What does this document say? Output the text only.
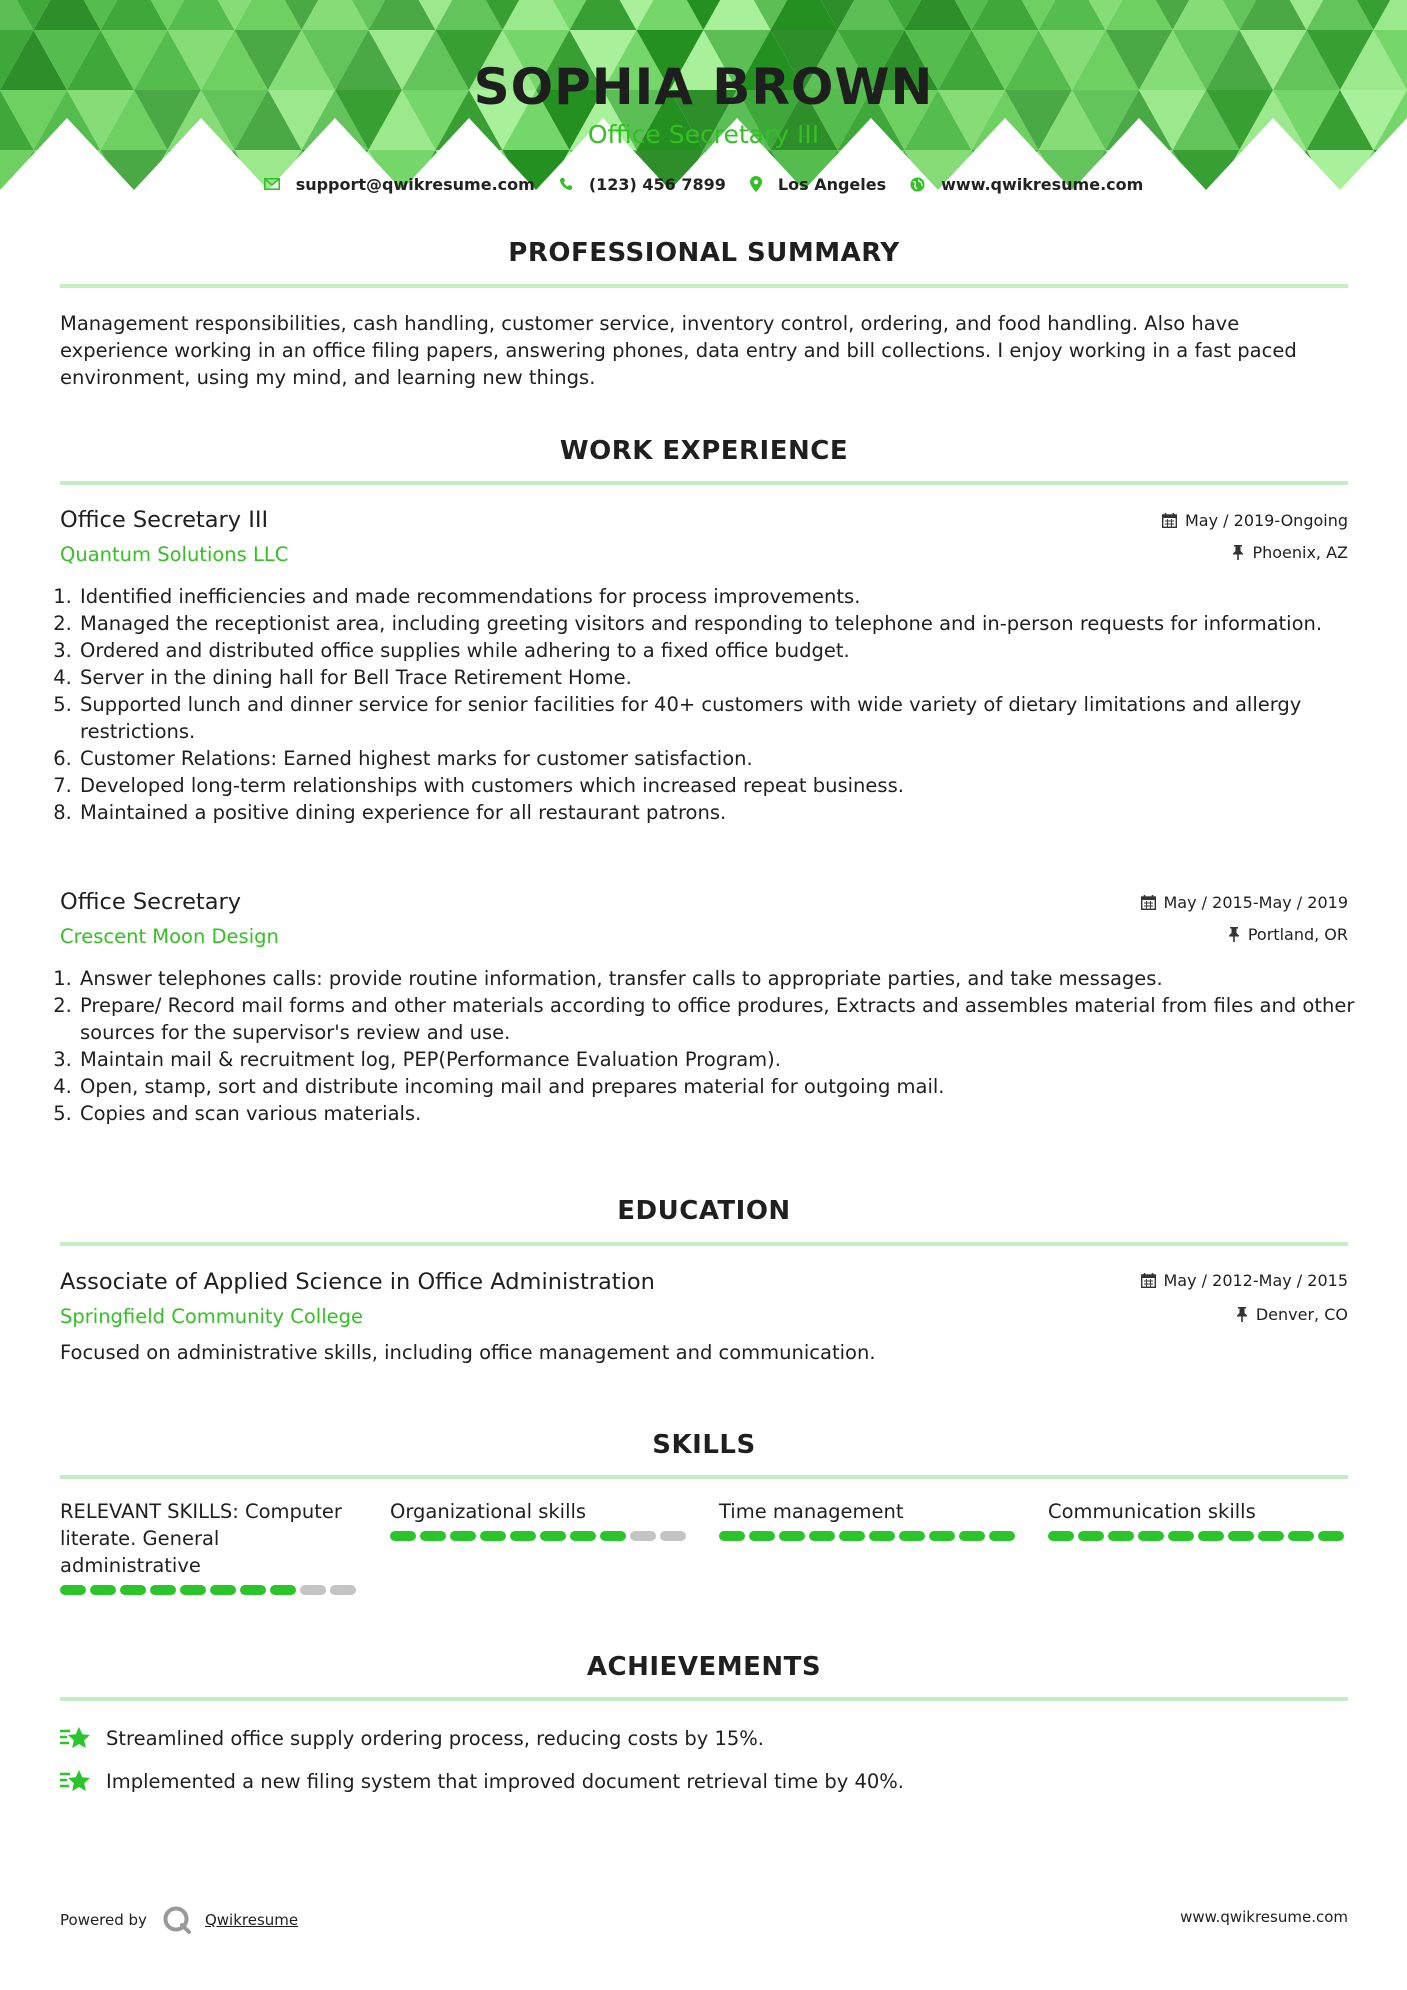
SOPHIA BROWN
Office Secretary III
support@qwikresume.com	(123) 456 7899	Los Angeles	www.qwikresume.com
PROFESSIONAL SUMMARY
Management responsibilities, cash handling, customer service, inventory control, ordering, and food handling. Also have experience working in an office filing papers, answering phones, data entry and bill collections. I enjoy working in a fast paced environment, using my mind, and learning new things.
WORK EXPERIENCE
Office Secretary III
Quantum Solutions LLC
May / 2019-Ongoing
Phoenix, AZ
1. Identified inefficiencies and made recommendations for process improvements.
2. Managed the receptionist area, including greeting visitors and responding to telephone and in-person requests for information.
3. Ordered and distributed office supplies while adhering to a fixed office budget.
4. Server in the dining hall for Bell Trace Retirement Home.
5. Supported lunch and dinner service for senior facilities for 40+ customers with wide variety of dietary limitations and allergy restrictions.
6. Customer Relations: Earned highest marks for customer satisfaction.
7. Developed long-term relationships with customers which increased repeat business.
8. Maintained a positive dining experience for all restaurant patrons.
Office Secretary
Crescent Moon Design
May / 2015-May / 2019
Portland, OR
1. Answer telephones calls: provide routine information, transfer calls to appropriate parties, and take messages.
2. Prepare/ Record mail forms and other materials according to office produres, Extracts and assembles material from files and other sources for the supervisor's review and use.
3. Maintain mail & recruitment log, PEP(Performance Evaluation Program).
4. Open, stamp, sort and distribute incoming mail and prepares material for outgoing mail.
5. Copies and scan various materials.
EDUCATION
Associate of Applied Science in Office Administration
Springfield Community College
May / 2012-May / 2015
Denver, CO
Focused on administrative skills, including office management and communication.
SKILLS
RELEVANT SKILLS: Computer literate. General administrative
Organizational skills	Time management	Communication skills
ACHIEVEMENTS
Streamlined office supply ordering process, reducing costs by 15%.
Implemented a new filing system that improved document retrieval time by 40%.
Powered by	Qwikresume	www.qwikresume.com
